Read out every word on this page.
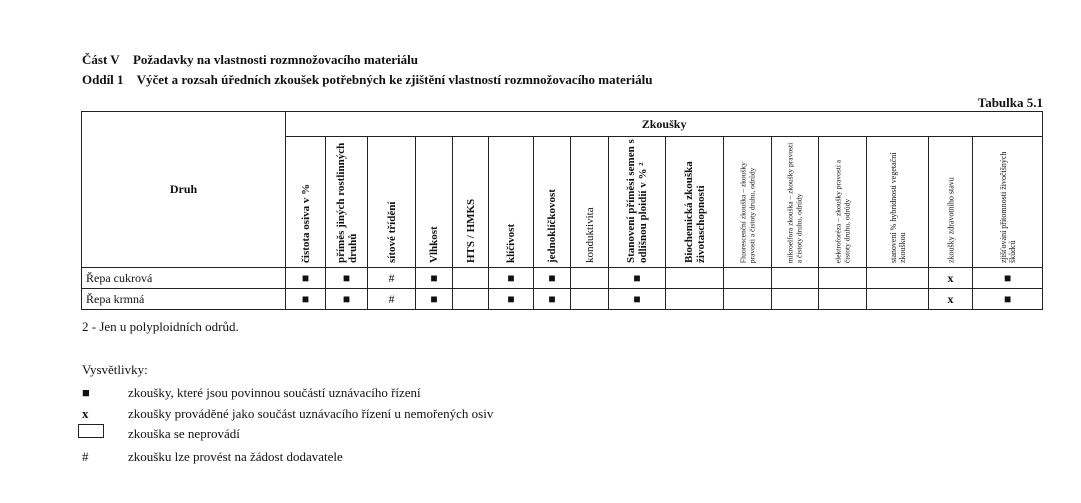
Část V Požadavky na vlastnosti rozmnožovacího materiálu
Oddíl 1 Výčet a rozsah úředních zkoušek potřebných ke zjištění vlastností rozmnožovacího materiálu
Tabulka 5.1
Druh	Zkoušky															

	čistota osiva v %	příměs jiných rostlinných druhů	sítové třídění	Vlhkost	HTS / HMKS	klíčivost	jednoklíčkovost	konduktivita	Stanovení příměsi semen s odlišnou ploidií v % ²	Biochemická zkouška životaschopnosti	Fluorescenční zkouška – zkoušky pravosti a čistoty druhu, odrůdy	mikroelfora zkouška – zkoušky pravosti a čistoty druhu, odrůdy	elektroforéza – zkoušky pravosti a čistoty druhu, odrůdy	stanovení % hybridnosti vegetační zkouškou	zkoušky zdravotního stavu	zjišťování přítomnosti živočišných škůdců

Řepa cukrová	■	■	#	■		■	■		■						x	■
Řepa krmná	■	■	#	■		■	■		■						x	■
2 - Jen u polyploidních odrůd.
Vysvětlivky:
■	zkoušky, které jsou povinnou součástí uznávacího řízení
x	zkoušky prováděné jako součást uznávacího řízení u nemořených osiv
zkouška se neprovádí
#	zkoušku lze provést na žádost dodavatele
